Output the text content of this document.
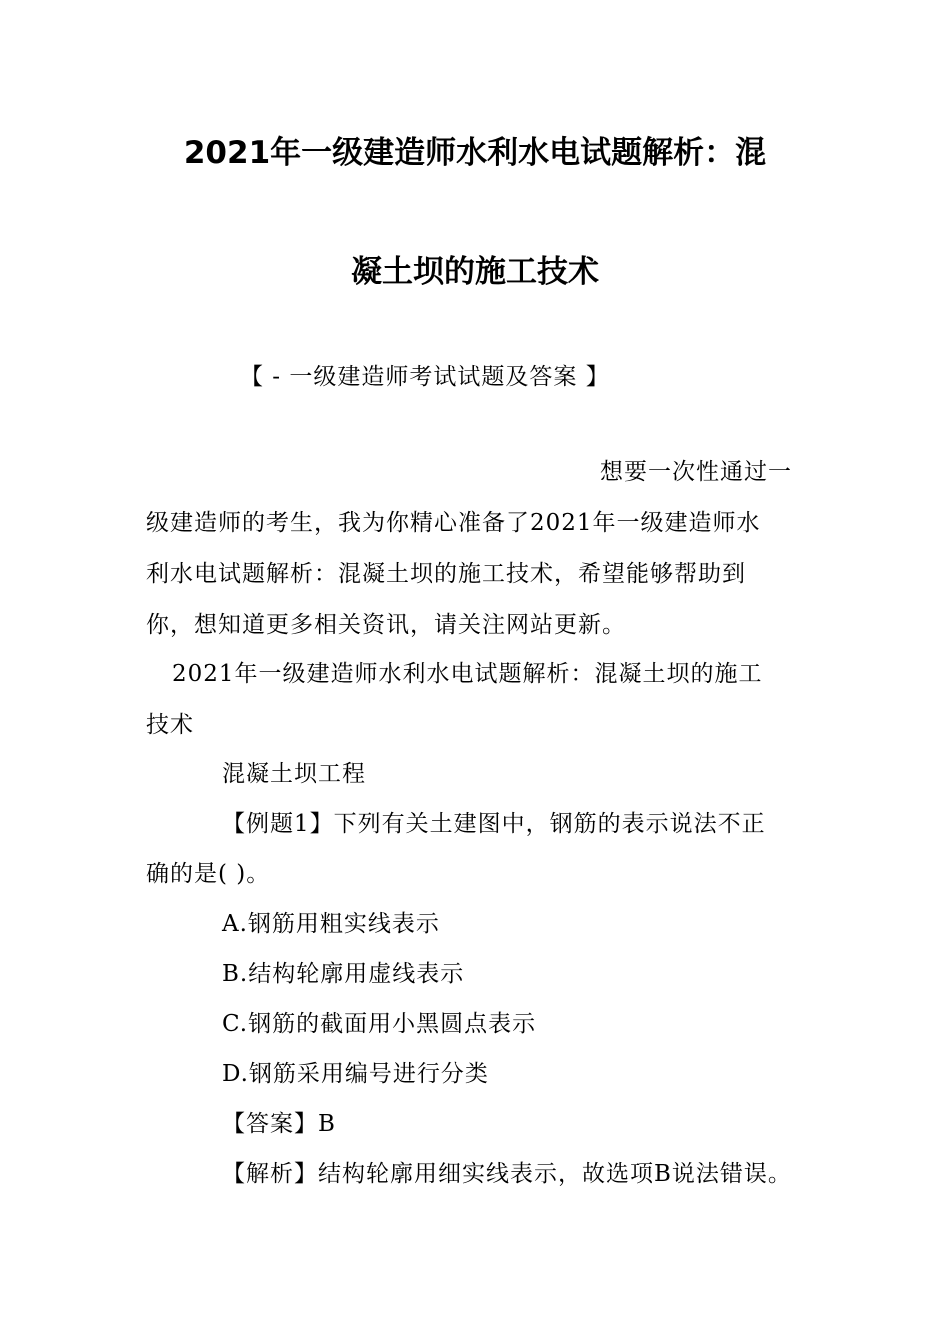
2021年一级建造师水利水电试题解析：混
凝土坝的施工技术
【 - 一级建造师考试试题及答案 】
想要一次性通过一
级建造师的考生，我为你精心准备了2021年一级建造师水
利水电试题解析：混凝土坝的施工技术，希望能够帮助到
你，想知道更多相关资讯，请关注网站更新。
2021年一级建造师水利水电试题解析：混凝土坝的施工
技术
混凝土坝工程
【例题1】下列有关土建图中，钢筋的表示说法不正
确的是( )。
A.钢筋用粗实线表示
B.结构轮廓用虚线表示
C.钢筋的截面用小黑圆点表示
D.钢筋采用编号进行分类
【答案】B
【解析】结构轮廓用细实线表示，故选项B说法错误。
